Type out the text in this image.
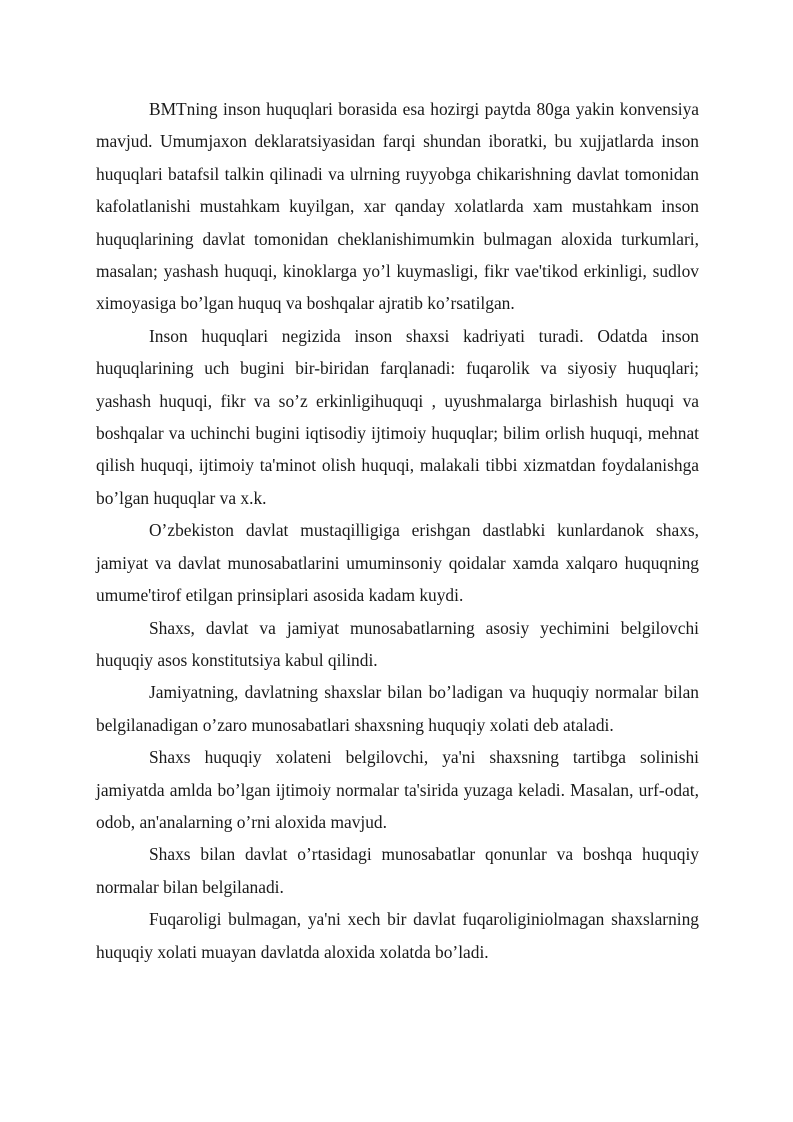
BMTning inson huquqlari borasida esa hozirgi paytda 80ga yakin konvensiya mavjud. Umumjaxon deklaratsiyasidan farqi shundan iboratki, bu xujjatlarda inson huquqlari batafsil talkin qilinadi va ulrning ruyyobga chikarishning davlat tomonidan kafolatlanishi mustahkam kuyilgan, xar qanday xolatlarda xam mustahkam inson huquqlarining davlat tomonidan cheklanishimumkin bulmagan aloxida turkumlari, masalan; yashash huquqi, kinoklarga yo’l kuymasligi, fikr vae'tikod erkinligi, sudlov ximoyasiga bo’lgan huquq va boshqalar ajratib ko’rsatilgan.

Inson huquqlari negizida inson shaxsi kadriyati turadi. Odatda inson huquqlarining uch bugini bir-biridan farqlanadi: fuqarolik va siyosiy huquqlari; yashash huquqi, fikr va so’z erkinligihuquqi , uyushmalarga birlashish huquqi va boshqalar va uchinchi bugini iqtisodiy ijtimoiy huquqlar; bilim orlish huquqi, mehnat qilish huquqi, ijtimoiy ta'minot olish huquqi, malakali tibbi xizmatdan foydalanishga bo’lgan huquqlar va x.k.

O’zbekiston davlat mustaqilligiga erishgan dastlabki kunlardanok shaxs, jamiyat va davlat munosabatlarini umuminsoniy qoidalar xamda xalqaro huquqning umume'tirof etilgan prinsiplari asosida kadam kuydi.

Shaxs, davlat va jamiyat munosabatlarning asosiy yechimini belgilovchi huquqiy asos konstitutsiya kabul qilindi.

Jamiyatning, davlatning shaxslar bilan bo’ladigan va huquqiy normalar bilan belgilanadigan o’zaro munosabatlari shaxsning huquqiy xolati deb ataladi.

Shaxs huquqiy xolateni belgilovchi, ya'ni shaxsning tartibga solinishi jamiyatda amlda bo’lgan ijtimoiy normalar ta'sirida yuzaga keladi. Masalan, urf-odat, odob, an'analarning o’rni aloxida mavjud.

Shaxs bilan davlat o’rtasidagi munosabatlar qonunlar va boshqa huquqiy normalar bilan belgilanadi.

Fuqaroligi bulmagan, ya'ni xech bir davlat fuqaroliginiolmagan shaxslarning huquqiy xolati muayan davlatda aloxida xolatda bo’ladi.
